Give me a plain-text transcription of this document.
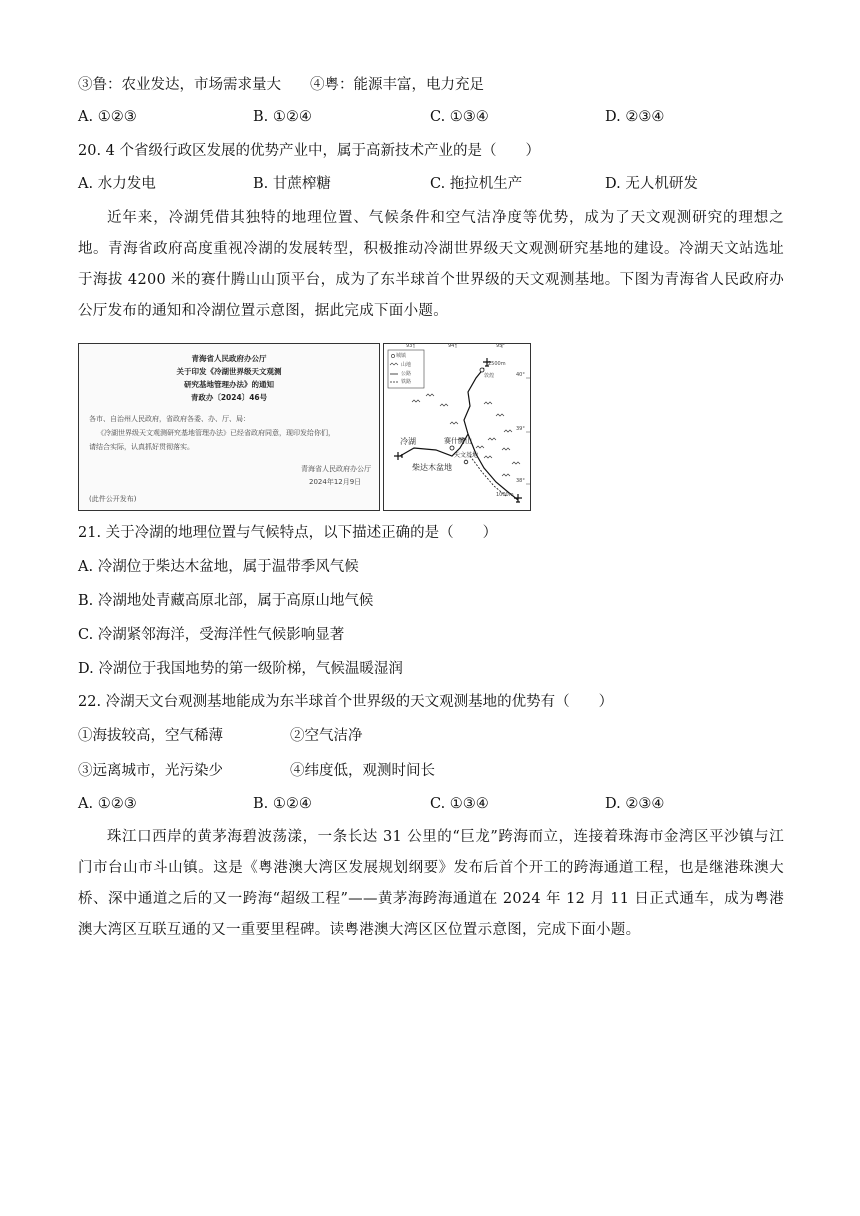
③鲁：农业发达，市场需求量大　　④粤：能源丰富，电力充足
A. ①②③	B. ①②④	C. ①③④	D. ②③④
20. 4 个省级行政区发展的优势产业中，属于高新技术产业的是（　　）
A. 水力发电	B. 甘蔗榨糖	C. 拖拉机生产	D. 无人机研发
近年来，冷湖凭借其独特的地理位置、气候条件和空气洁净度等优势，成为了天文观测研究的理想之地。青海省政府高度重视冷湖的发展转型，积极推动冷湖世界级天文观测研究基地的建设。冷湖天文站选址于海拔 4200 米的赛什腾山山顶平台，成为了东半球首个世界级的天文观测基地。下图为青海省人民政府办公厅发布的通知和冷湖位置示意图，据此完成下面小题。
青海省人民政府办公厅
关于印发《冷湖世界级天文观测
研究基地管理办法》的通知
青政办〔2024〕46号
各市、自治州人民政府，省政府各委、办、厅、局：
《冷湖世界级天文观测研究基地管理办法》已经省政府同意，现印发给你们，
请结合实际，认真抓好贯彻落实。
青海省人民政府办公厅
2024年12月9日
(此件公开发布)
城镇
山地
公路
铁路
93°	94°	95°
40°
39°
38°
敦煌
2500m
1000m
冷湖	赛什腾山
天文基地
柴达木盆地
21. 关于冷湖的地理位置与气候特点，以下描述正确的是（　　）
A. 冷湖位于柴达木盆地，属于温带季风气候
B. 冷湖地处青藏高原北部，属于高原山地气候
C. 冷湖紧邻海洋，受海洋性气候影响显著
D. 冷湖位于我国地势的第一级阶梯，气候温暖湿润
22. 冷湖天文台观测基地能成为东半球首个世界级的天文观测基地的优势有（　　）
①海拔较高，空气稀薄	②空气洁净
③远离城市，光污染少	④纬度低，观测时间长
A. ①②③	B. ①②④	C. ①③④	D. ②③④
珠江口西岸的黄茅海碧波荡漾，一条长达 31 公里的“巨龙”跨海而立，连接着珠海市金湾区平沙镇与江门市台山市斗山镇。这是《粤港澳大湾区发展规划纲要》发布后首个开工的跨海通道工程，也是继港珠澳大桥、深中通道之后的又一跨海“超级工程”——黄茅海跨海通道在 2024 年 12 月 11 日正式通车，成为粤港澳大湾区互联互通的又一重要里程碑。读粤港澳大湾区区位置示意图，完成下面小题。
